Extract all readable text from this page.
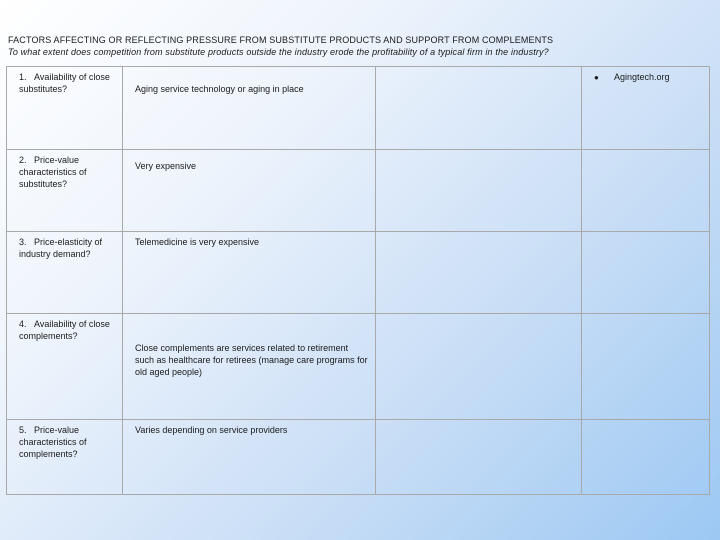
FACTORS AFFECTING OR REFLECTING PRESSURE FROM SUBSTITUTE PRODUCTS AND SUPPORT FROM COMPLEMENTS
To what extent does competition from substitute products outside the industry erode the profitability of a typical firm in the industry?
1.   Availability of close substitutes?	Aging service technology or aging in place		● Agingtech.org

2.   Price-value characteristics of substitutes?	Very expensive		

3.   Price-elasticity of industry demand?	Telemedicine is very expensive		

4.   Availability of close complements?	Close complements are services related to retirement such as healthcare for retirees (manage care programs for old aged people)		

5.   Price-value characteristics of complements?	Varies depending on service providers		
